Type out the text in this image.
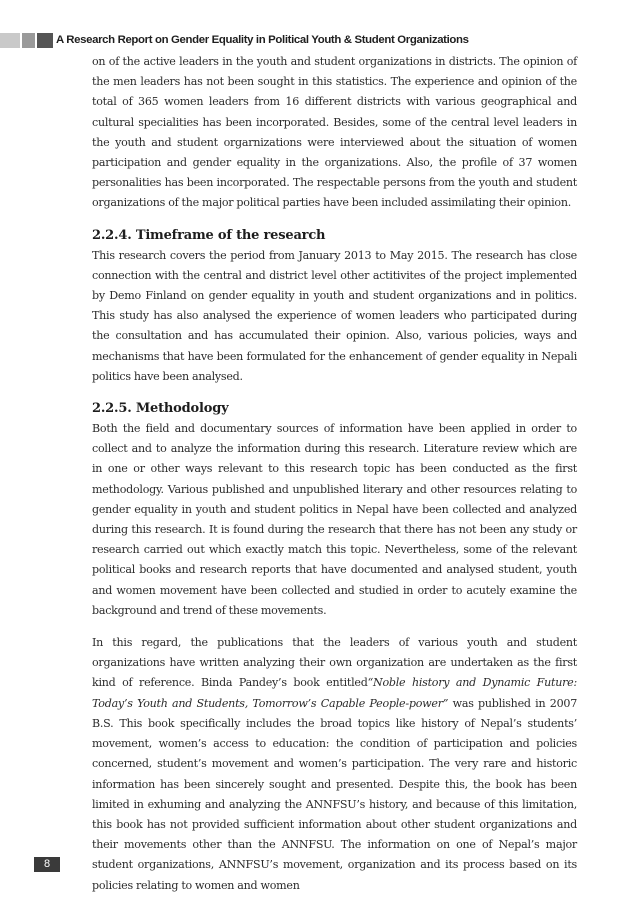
A Research Report on Gender Equality in Political Youth & Student Organizations

on of the active leaders in the youth and student organizations in districts. The opinion of the men leaders has not been sought in this statistics. The experience and opinion of the total of 365 women leaders from 16 different districts with various geographical and cultural specialities has been incorporated. Besides, some of the central level leaders in the youth and student orgarnizations were interviewed about the situation of women participation and gender equality in the organizations. Also, the profile of 37 women personalities has been incorporated. The respectable persons from the youth and student organizations of the major political parties have been included assimilating their opinion.

2.2.4. Timeframe of the research

This research covers the period from January 2013 to May 2015. The research has close connection with the central and district level other actitivites of the project implemented by Demo Finland on gender equality in youth and student organizations and in politics. This study has also analysed the experience of women leaders who participated during the consultation and has accumulated their opinion. Also, various policies, ways and mechanisms that have been formulated for the enhancement of gender equality in Nepali politics have been analysed.

2.2.5. Methodology

Both the field and documentary sources of information have been applied in order to collect and to analyze the information during this research. Literature review which are in one or other ways relevant to this research topic has been conducted as the first methodology. Various published and unpublished literary and other resources relating to gender equality in youth and student politics in Nepal have been collected and analyzed during this research. It is found during the research that there has not been any study or research carried out which exactly match this topic. Nevertheless, some of the relevant political books and research reports that have documented and analysed student, youth and women movement have been collected and studied in order to acutely examine the background and trend of these movements.

In this regard, the publications that the leaders of various youth and student organizations have written analyzing their own organization are undertaken as the first kind of reference. Binda Pandey’s book entitled“Noble history and Dynamic Future: Today’s Youth and Students, Tomorrow’s Capable People-power” was published in 2007 B.S. This book specifically includes the broad topics like history of Nepal’s students’ movement, women’s access to education: the condition of participation and policies concerned, student’s movement and women’s participation. The very rare and historic information has been sincerely sought and presented. Despite this, the book has been limited in exhuming and analyzing the ANNFSU’s history, and because of this limitation, this book has not provided sufficient information about other student organizations and their movements other than the ANNFSU. The information on one of Nepal’s major student organizations, ANNFSU’s movement, organization and its process based on its policies relating to women and women

8
